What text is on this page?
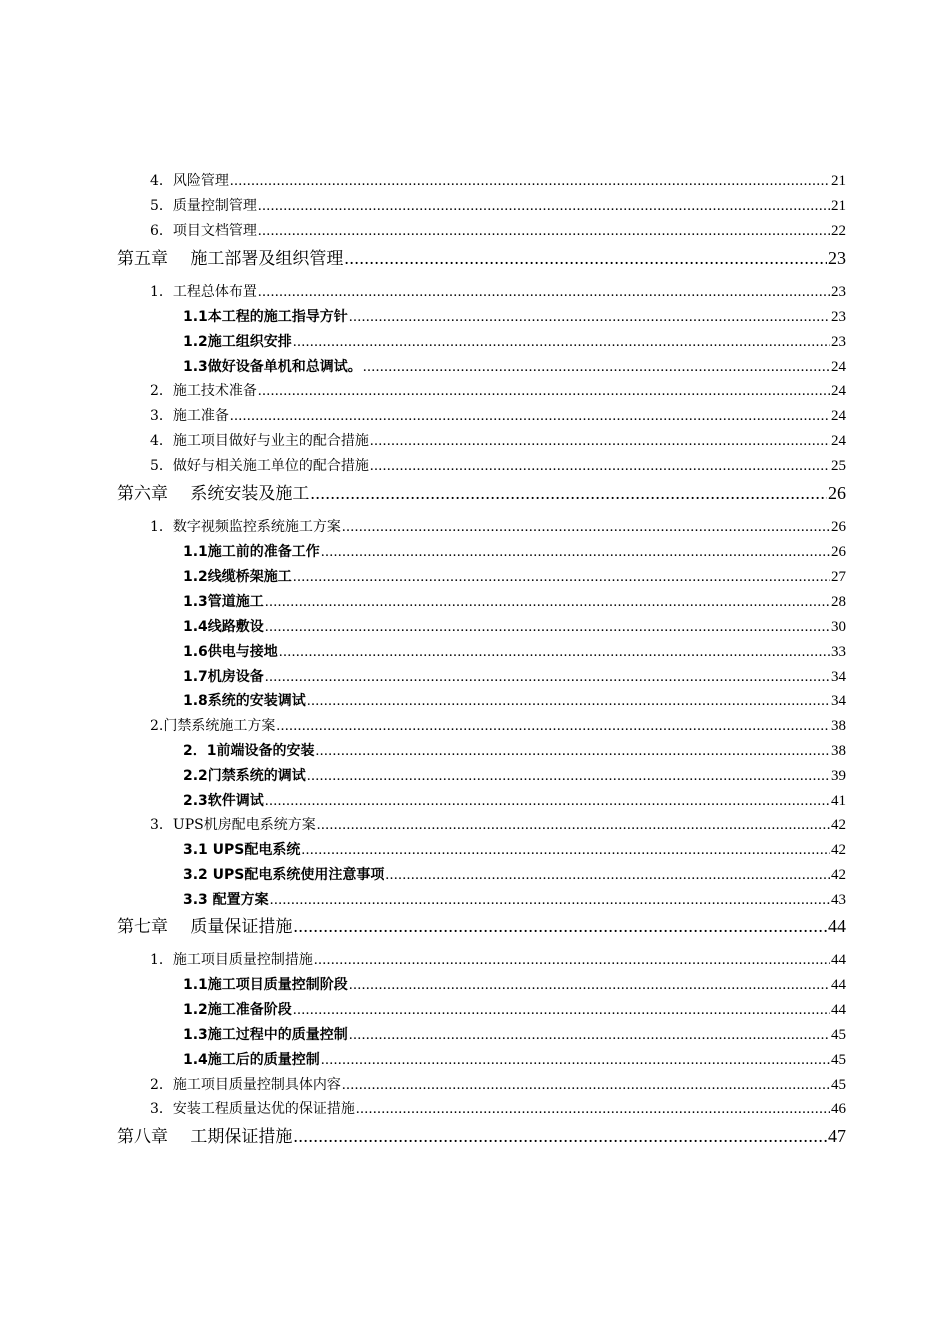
4．风险管理 .....	21
5．质量控制管理 .....	21
6．项目文档管理 .....	22
第五章　 施工部署及组织管理 .....	23
1．工程总体布置 .....	23
1.1本工程的施工指导方针 .....	23
1.2施工组织安排 .....	23
1.3做好设备单机和总调试。 .....	24
2．施工技术准备 .....	24
3．施工准备 .....	24
4．施工项目做好与业主的配合措施 .....	24
5．做好与相关施工单位的配合措施 .....	25
第六章　 系统安装及施工 .....	26
1．数字视频监控系统施工方案 .....	26
1.1施工前的准备工作 .....	26
1.2线缆桥架施工 .....	27
1.3管道施工 .....	28
1.4线路敷设 .....	30
1.6供电与接地 .....	33
1.7机房设备 .....	34
1.8系统的安装调试 .....	34
2.门禁系统施工方案 .....	38
2．1前端设备的安装 .....	38
2.2门禁系统的调试 .....	39
2.3软件调试 .....	41
3．UPS机房配电系统方案 .....	42
3.1 UPS配电系统 .....	42
3.2 UPS配电系统使用注意事项 .....	42
3.3 配置方案 .....	43
第七章　 质量保证措施 .....	44
1．施工项目质量控制措施 .....	44
1.1施工项目质量控制阶段 .....	44
1.2施工准备阶段 .....	44
1.3施工过程中的质量控制 .....	45
1.4施工后的质量控制 .....	45
2．施工项目质量控制具体内容 .....	45
3．安装工程质量达优的保证措施 .....	46
第八章　 工期保证措施 .....	47
